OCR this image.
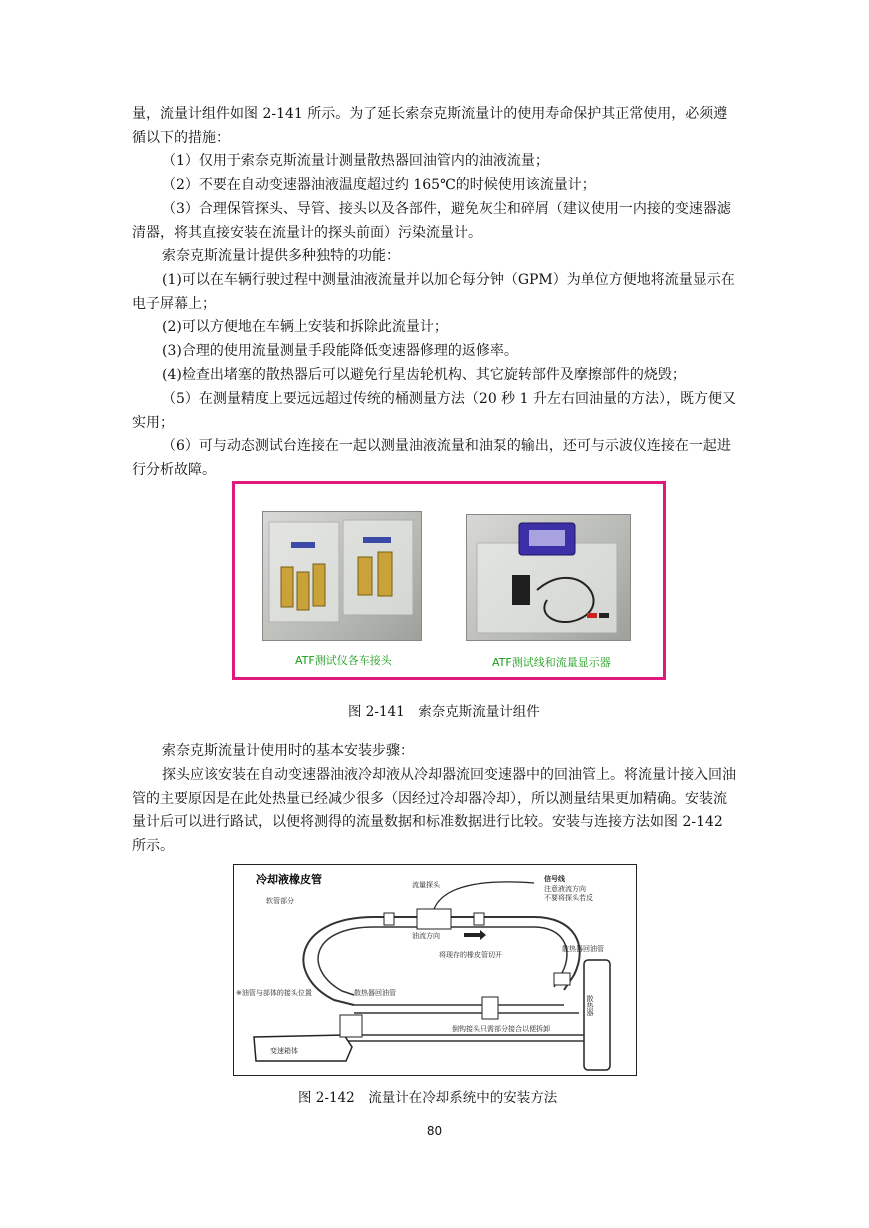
量，流量计组件如图 2-141 所示。为了延长索奈克斯流量计的使用寿命保护其正常使用，必须遵循以下的措施：

（1）仅用于索奈克斯流量计测量散热器回油管内的油液流量；

（2）不要在自动变速器油液温度超过约 165℃的时候使用该流量计；

（3）合理保管探头、导管、接头以及各部件，避免灰尘和碎屑（建议使用一内接的变速器滤清器，将其直接安装在流量计的探头前面）污染流量计。

索奈克斯流量计提供多种独特的功能：

(1)可以在车辆行驶过程中测量油液流量并以加仑每分钟（GPM）为单位方便地将流量显示在电子屏幕上；

(2)可以方便地在车辆上安装和拆除此流量计；

(3)合理的使用流量测量手段能降低变速器修理的返修率。

(4)检查出堵塞的散热器后可以避免行星齿轮机构、其它旋转部件及摩擦部件的烧毁；

（5）在测量精度上要远远超过传统的桶测量方法（20 秒 1 升左右回油量的方法），既方便又实用；

（6）可与动态测试台连接在一起以测量油液流量和油泵的输出，还可与示波仪连接在一起进行分析故障。

ATF测试仪各车接头	ATF测试线和流量显示器
图 2-141　索奈克斯流量计组件

索奈克斯流量计使用时的基本安装步骤：

探头应该安装在自动变速器油液冷却液从冷却器流回变速器中的回油管上。将流量计接入回油管的主要原因是在此处热量已经减少很多（因经过冷却器冷却），所以测量结果更加精确。安装流量计后可以进行路试，以便将测得的流量数据和标准数据进行比较。安装与连接方法如图 2-142 所示。

冷却液橡皮管	流量探头
信号线
注意液流方向
不要将探头若反
软管部分
油流方向
将现存的橡皮管切开
散热器回油管
※油管与部体的接头位置	散热器回油管
倒钩接头只需部分接合以便拆卸
变速箱体
散热器
图 2-142　流量计在冷却系统中的安装方法
80
